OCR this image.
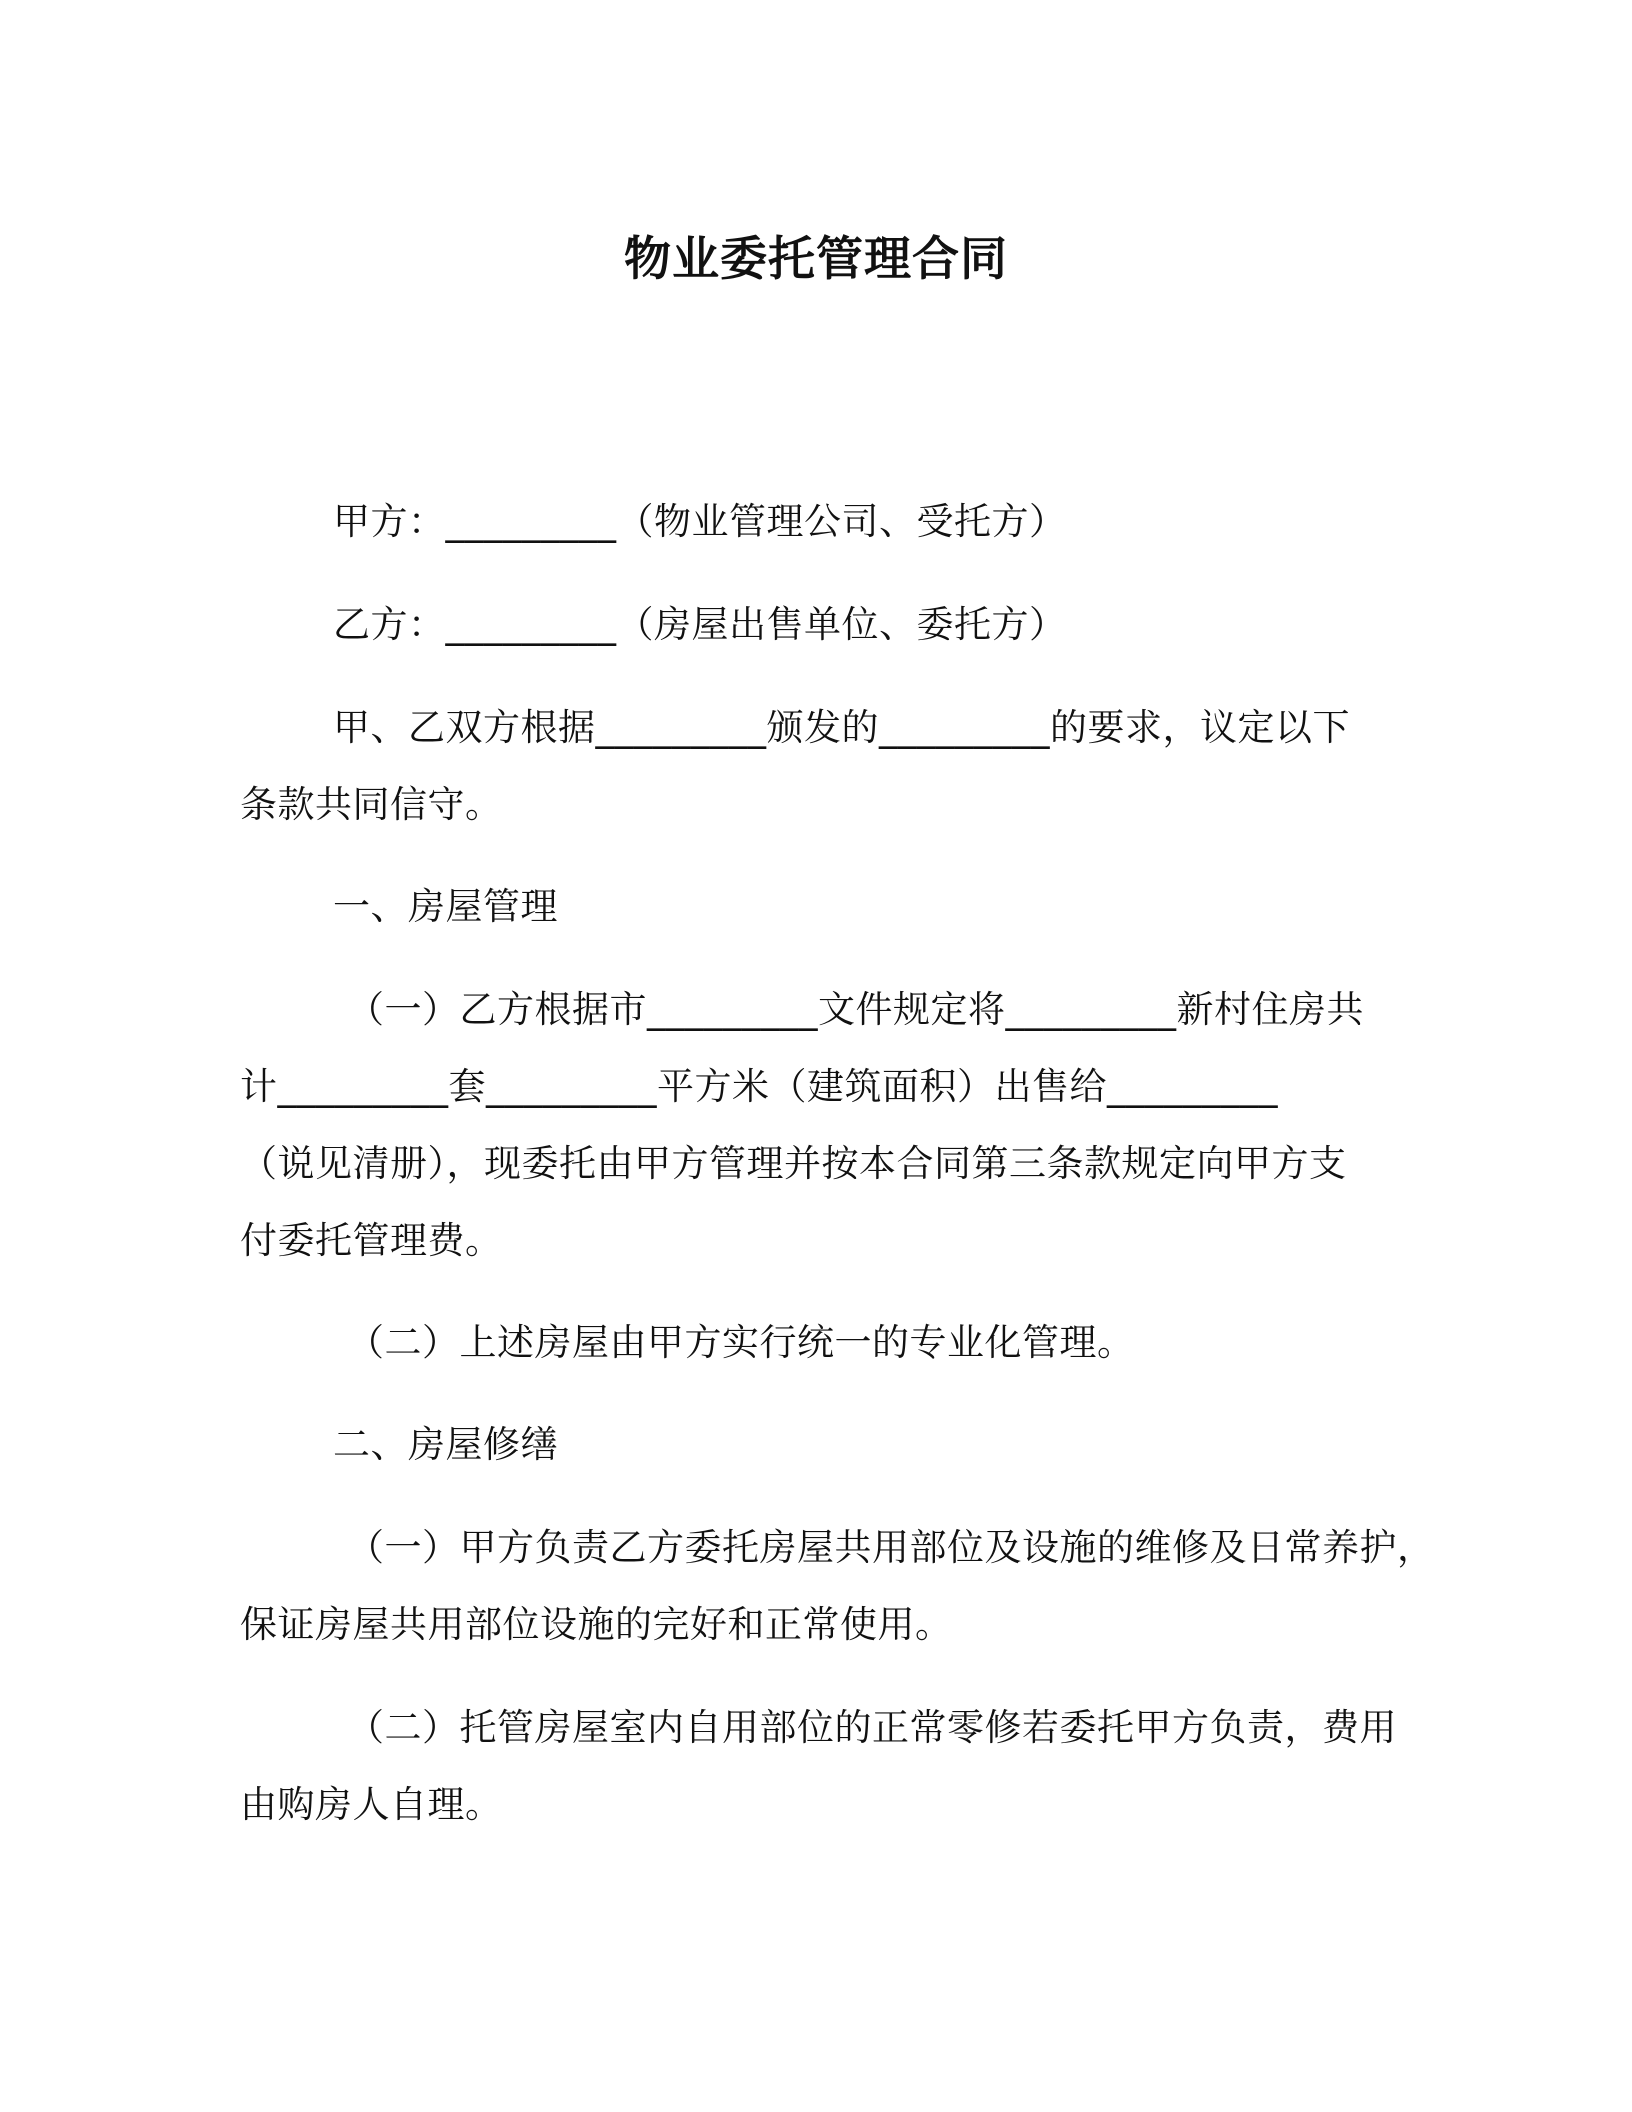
物业委托管理合同
甲方：_________（物业管理公司、受托方）
乙方：_________（房屋出售单位、委托方）
甲、乙双方根据_________颁发的_________的要求，议定以下
条款共同信守。
一、房屋管理
（一）乙方根据市_________文件规定将_________新村住房共
计_________套_________平方米（建筑面积）出售给_________
（说见清册），现委托由甲方管理并按本合同第三条款规定向甲方支
付委托管理费。
（二）上述房屋由甲方实行统一的专业化管理。
二、房屋修缮
（一）甲方负责乙方委托房屋共用部位及设施的维修及日常养护，
保证房屋共用部位设施的完好和正常使用。
（二）托管房屋室内自用部位的正常零修若委托甲方负责，费用
由购房人自理。
